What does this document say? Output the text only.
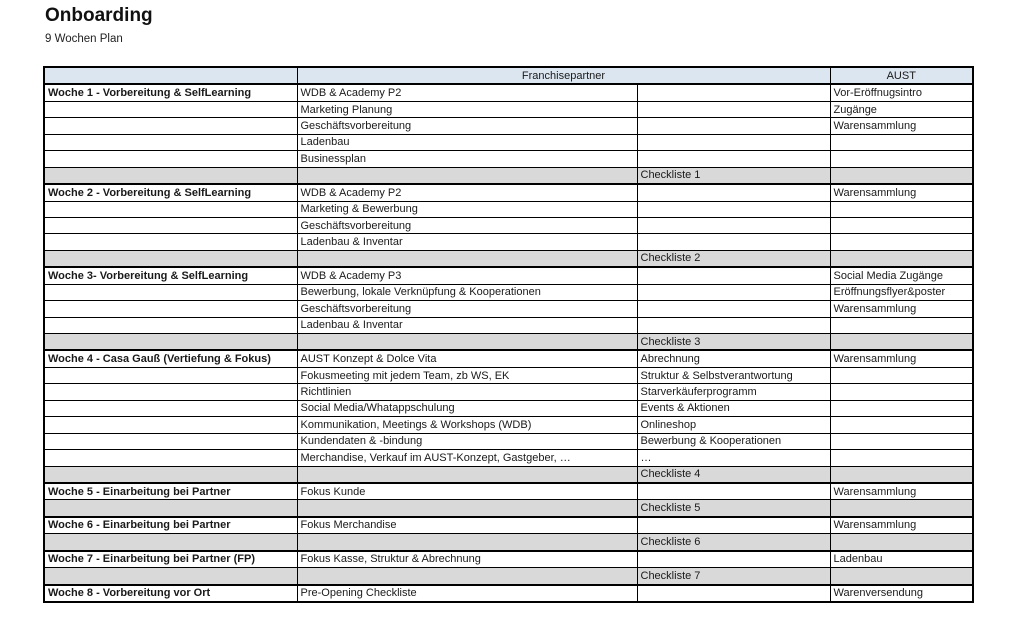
Onboarding
9 Wochen Plan
	Franchisepartner		AUST
Woche 1 - Vorbereitung & SelfLearning	WDB & Academy P2		Vor-Eröffnugsintro
	Marketing Planung		Zugänge
	Geschäftsvorbereitung		Warensammlung
	Ladenbau		
	Businessplan		
		Checkliste 1	
Woche 2 - Vorbereitung & SelfLearning	WDB & Academy P2		Warensammlung
	Marketing & Bewerbung		
	Geschäftsvorbereitung		
	Ladenbau & Inventar		
		Checkliste 2	
Woche 3- Vorbereitung & SelfLearning	WDB & Academy P3		Social Media Zugänge
	Bewerbung, lokale Verknüpfung & Kooperationen		Eröffnungsflyer&poster
	Geschäftsvorbereitung		Warensammlung
	Ladenbau & Inventar		
		Checkliste 3	
Woche 4 - Casa Gauß (Vertiefung & Fokus)	AUST Konzept & Dolce Vita	Abrechnung	Warensammlung
	Fokusmeeting mit jedem Team, zb WS, EK	Struktur & Selbstverantwortung	
	Richtlinien	Starverkäuferprogramm	
	Social Media/Whatappschulung	Events & Aktionen	
	Kommunikation, Meetings & Workshops (WDB)	Onlineshop	
	Kundendaten & -bindung	Bewerbung & Kooperationen	
	Merchandise, Verkauf im AUST-Konzept, Gastgeber, …	…	
		Checkliste 4	
Woche 5 - Einarbeitung bei Partner	Fokus Kunde		Warensammlung
		Checkliste 5	
Woche 6 - Einarbeitung bei Partner	Fokus Merchandise		Warensammlung
		Checkliste 6	
Woche 7 - Einarbeitung bei Partner (FP)	Fokus Kasse, Struktur & Abrechnung		Ladenbau
		Checkliste 7	
Woche 8 - Vorbereitung vor Ort	Pre-Opening Checkliste		Warenversendung
